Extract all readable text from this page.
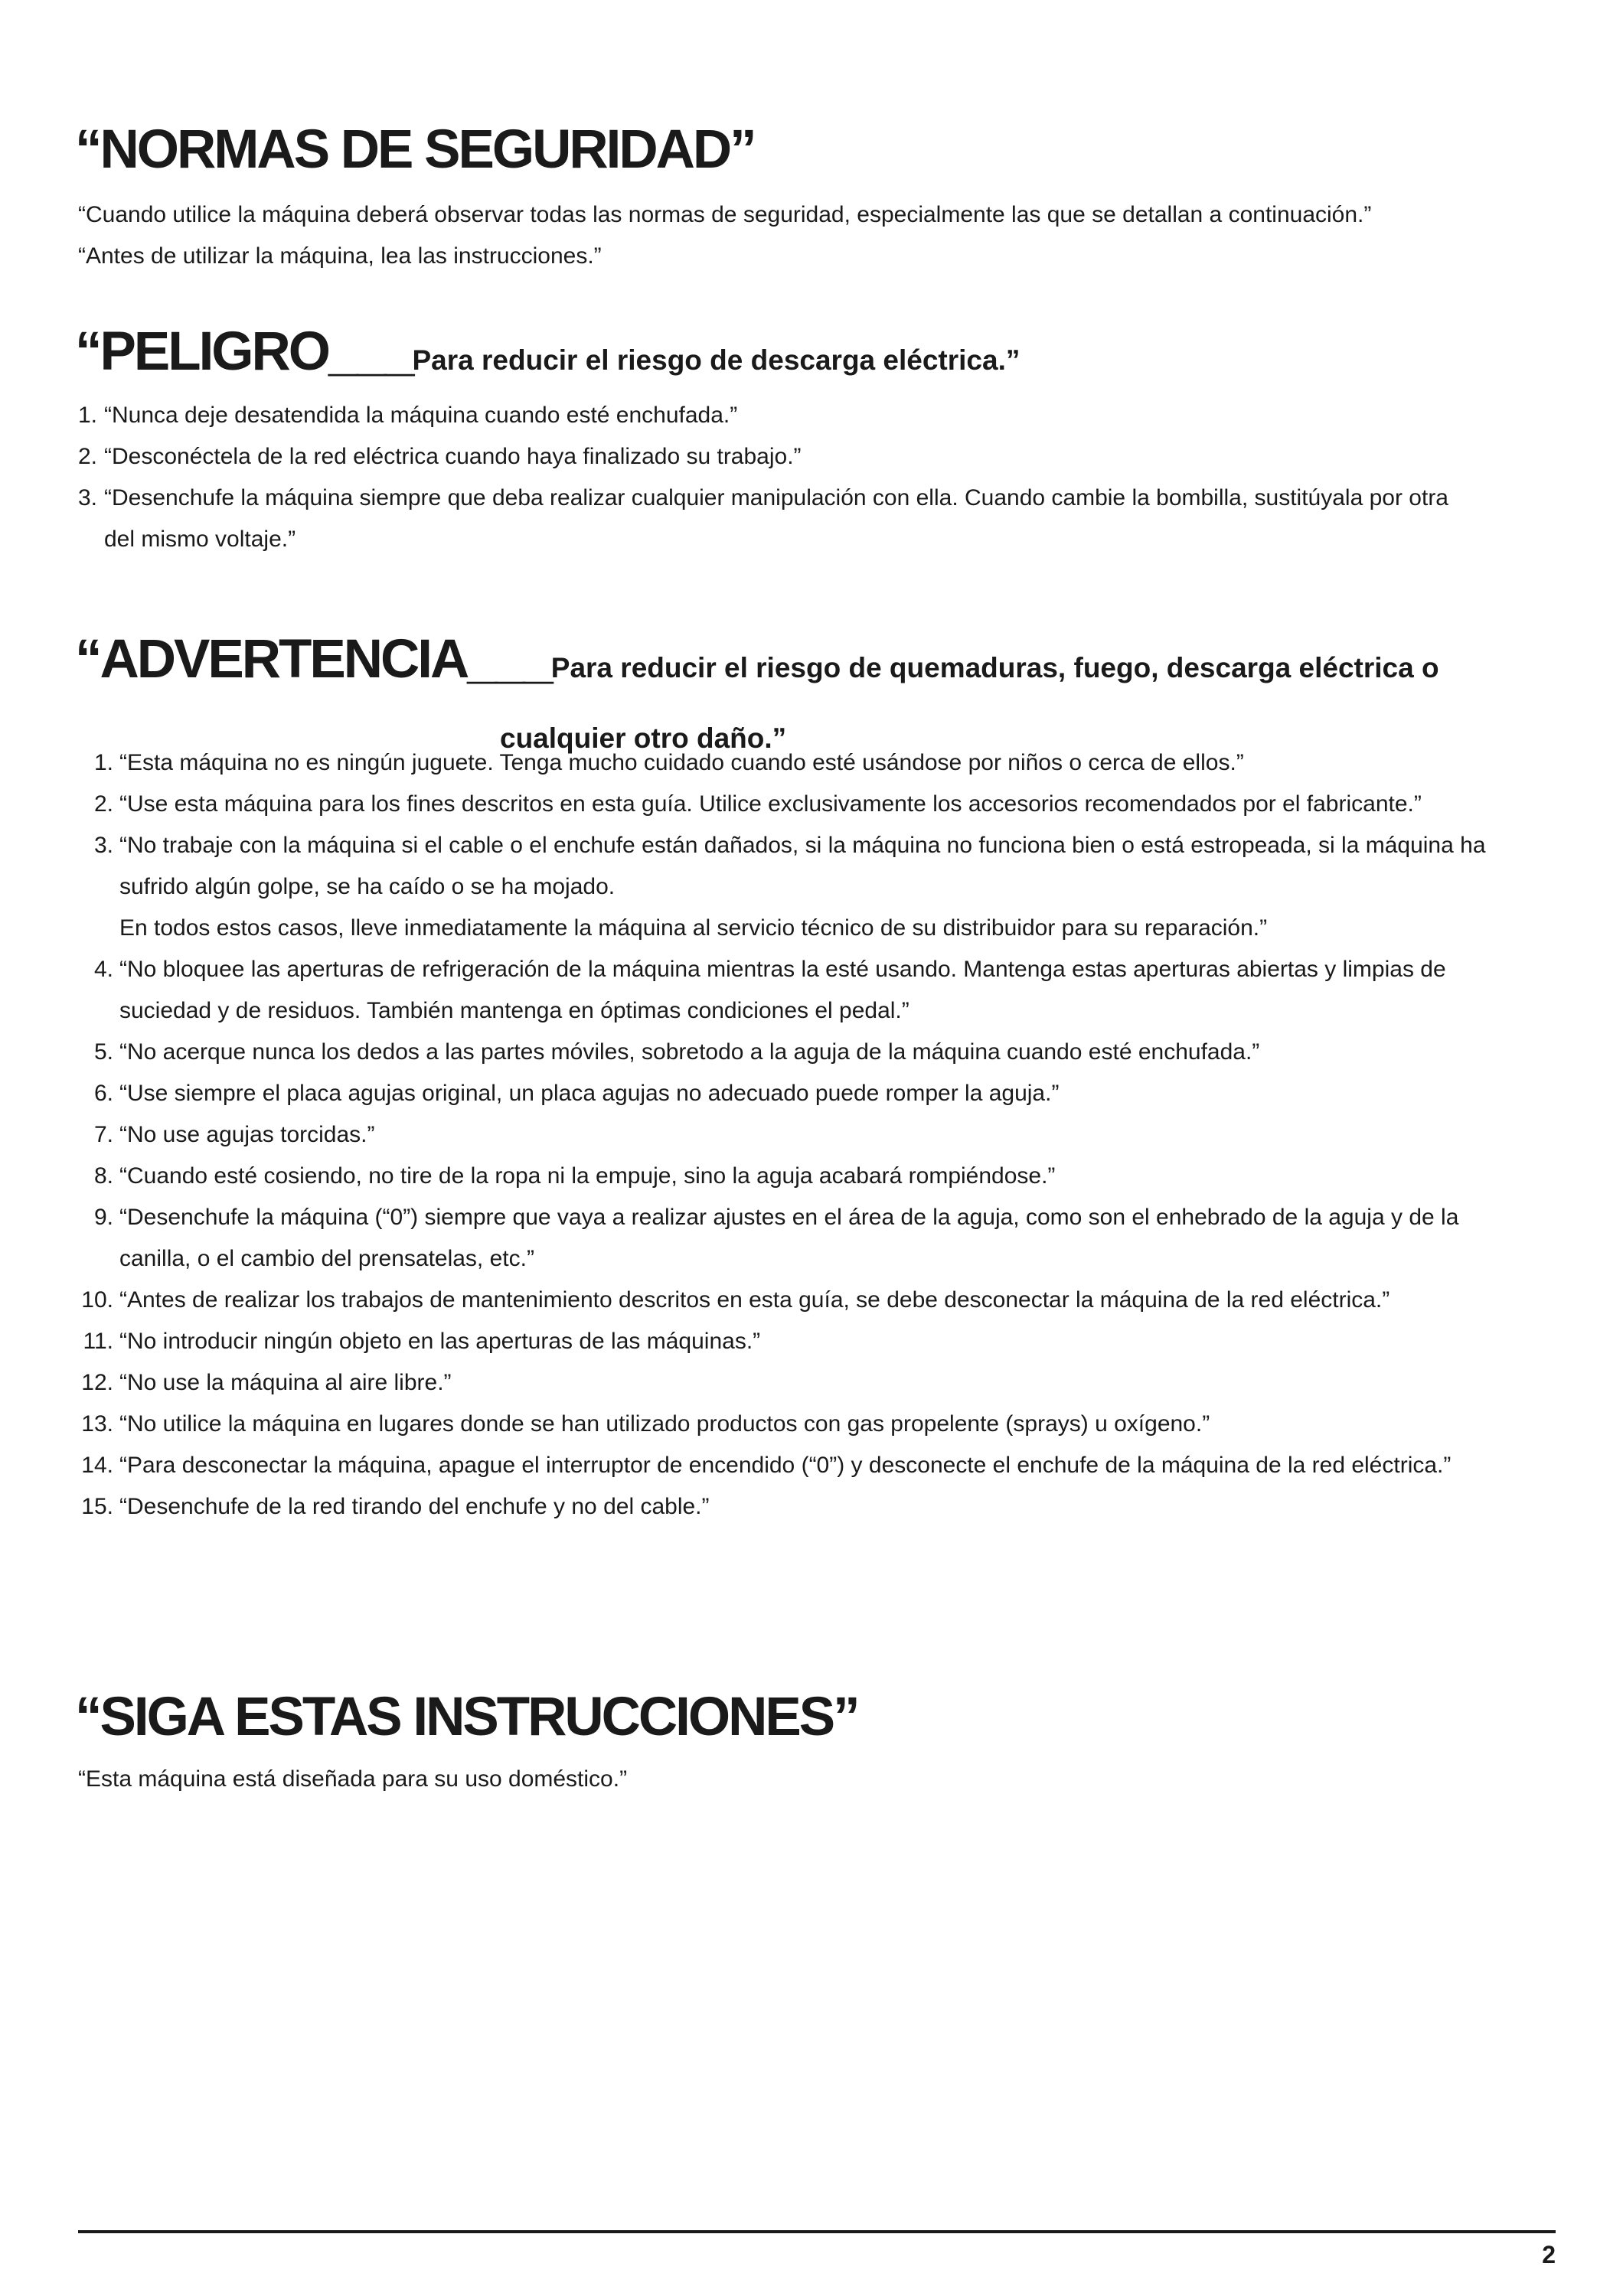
“NORMAS DE SEGURIDAD”

“Cuando utilice la máquina deberá observar todas las normas de seguridad, especialmente las que se detallan a continuación.”

“Antes de utilizar la máquina, lea las instrucciones.”

“PELIGRO___Para reducir el riesgo de descarga eléctrica.”
1. “Nunca deje desatendida la máquina cuando esté enchufada.”
2. “Desconéctela de la red eléctrica cuando haya finalizado su trabajo.”
3. “Desenchufe la máquina siempre que deba realizar cualquier manipulación con ella. Cuando cambie la bombilla, sustitúyala por otra del mismo voltaje.”
“ADVERTENCIA___Para reducir el riesgo de quemaduras, fuego, descarga eléctrica o
cualquier otro daño.”
1. “Esta máquina no es ningún juguete. Tenga mucho cuidado cuando esté usándose por niños o cerca de ellos.”
2. “Use esta máquina para los fines descritos en esta guía. Utilice exclusivamente los accesorios recomendados por el fabricante.”
3. “No trabaje con la máquina si el cable o el enchufe están dañados, si la máquina no funciona bien o está estropeada, si la máquina ha sufrido algún golpe, se ha caído o se ha mojado.
En todos estos casos, lleve inmediatamente la máquina al servicio técnico de su distribuidor para su reparación.”
4. “No bloquee las aperturas de refrigeración de la máquina mientras la esté usando. Mantenga estas aperturas abiertas y limpias de suciedad y de residuos. También mantenga en óptimas condiciones el pedal.”
5. “No acerque nunca los dedos a las partes móviles, sobretodo a la aguja de la máquina cuando esté enchufada.”
6. “Use siempre el placa agujas original, un placa agujas no adecuado puede romper la aguja.”
7. “No use agujas torcidas.”
8. “Cuando esté cosiendo, no tire de la ropa ni la empuje, sino la aguja acabará rompiéndose.”
9. “Desenchufe la máquina (“0”) siempre que vaya a realizar ajustes en el área de la aguja, como son el enhebrado de la aguja y de la canilla, o el cambio del prensatelas, etc.”
10. “Antes de realizar los trabajos de mantenimiento descritos en esta guía, se debe desconectar la máquina de la red eléctrica.”
11. “No introducir ningún objeto en las aperturas de las máquinas.”
12. “No use la máquina al aire libre.”
13. “No utilice la máquina en lugares donde se han utilizado productos con gas propelente (sprays) u oxígeno.”
14. “Para desconectar la máquina, apague el interruptor de encendido (“0”) y desconecte el enchufe de la máquina de la red eléctrica.”
15. “Desenchufe de la red tirando del enchufe y no del cable.”
“SIGA ESTAS INSTRUCCIONES”

“Esta máquina está diseñada para su uso doméstico.”

2
